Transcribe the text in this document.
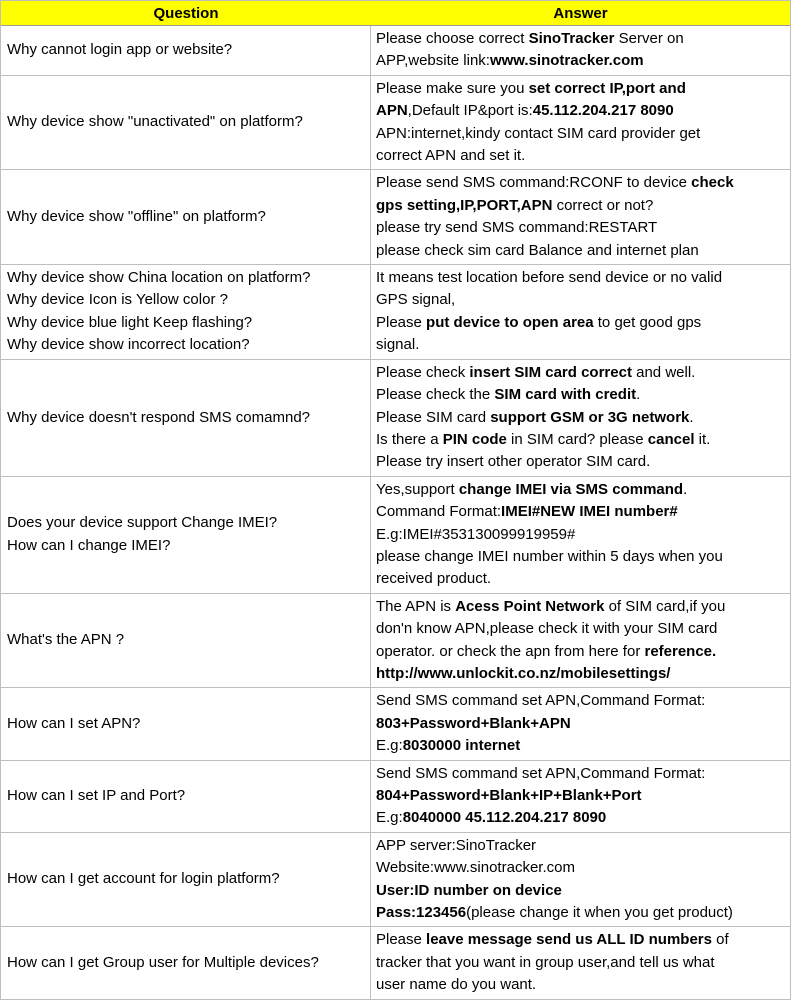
Question	Answer
Why cannot login app or website?
Please choose correct SinoTracker Server on
APP,website link:www.sinotracker.com
Why device show "unactivated" on platform?
Please make sure you set correct IP,port and
APN,Default IP&port is:45.112.204.217 8090
APN:internet,kindy contact SIM card provider get
correct APN and set it.
Why device show "offline" on platform?
Please send SMS command:RCONF to device check
gps setting,IP,PORT,APN correct or not?
please try send SMS command:RESTART
please check sim card Balance and internet plan
Why device show China location on platform?
Why device Icon is Yellow color ?
Why device blue light Keep flashing?
Why device show incorrect location?
It means test location before send device or no valid
GPS signal,
Please put device to open area to get good gps
signal.
Why device doesn't respond SMS comamnd?
Please check insert SIM card correct and well.
Please check the SIM card with credit.
Please SIM card support GSM or 3G network.
Is there a PIN code in SIM card? please cancel it.
Please try insert other operator SIM card.
Does your device support Change IMEI?
How can I change IMEI?
Yes,support change IMEI via SMS command.
Command Format:IMEI#NEW IMEI number#
E.g:IMEI#353130099919959#
please change IMEI number within 5 days when you
received product.
What's the APN ?
The APN is Acess Point Network of SIM card,if you
don'n know APN,please check it with your SIM card
operator. or check the apn from here for reference.
http://www.unlockit.co.nz/mobilesettings/
How can I set APN?
Send SMS command set APN,Command Format:
803+Password+Blank+APN
E.g:8030000 internet
How can I set IP and Port?
Send SMS command set APN,Command Format:
804+Password+Blank+IP+Blank+Port
E.g:8040000 45.112.204.217 8090
How can I get account for login platform?
APP server:SinoTracker
Website:www.sinotracker.com
User:ID number on device
Pass:123456(please change it when you get product)
How can I get Group user for Multiple devices?
Please leave message send us ALL ID numbers of
tracker that you want in group user,and tell us what
user name do you want.
